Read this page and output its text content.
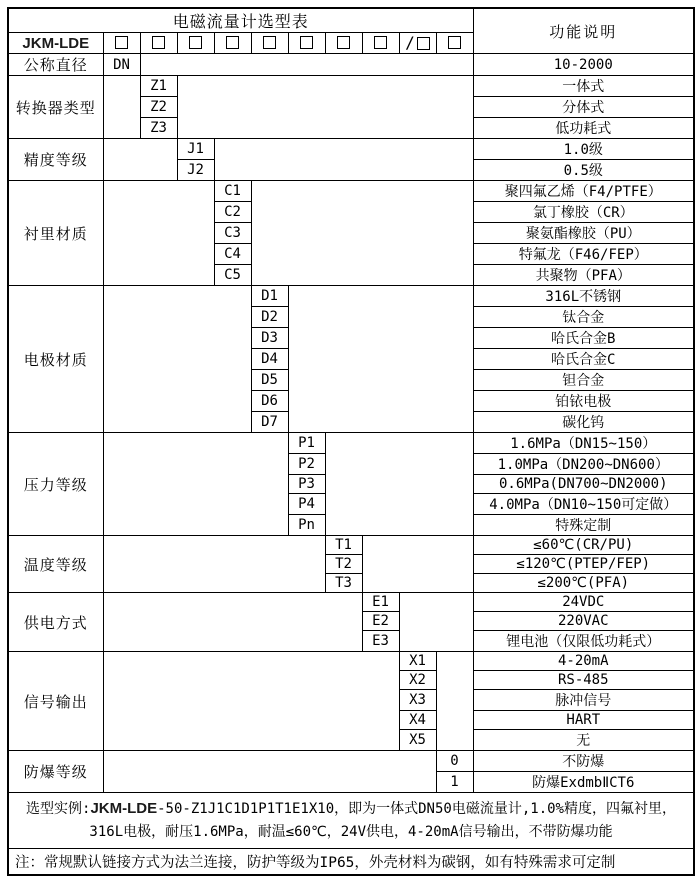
电磁流量计选型表											功能说明
JKM-LDE									/		
公称直径	DN										10-2000
转换器类型		Z1									一体式
		Z2									分体式
		Z3									低功耗式
精度等级			J1								1.0级
			J2								0.5级
衬里材质				C1							聚四氟乙烯（F4/PTFE）
				C2							氯丁橡胶（CR）
				C3							聚氨酯橡胶（PU）
				C4							特氟龙（F46/FEP）
				C5							共聚物（PFA）
电极材质					D1						316L不锈钢
					D2						钛合金
					D3						哈氏合金B
					D4						哈氏合金C
					D5						钽合金
					D6						铂铱电极
					D7						碳化钨
压力等级						P1					1.6MPa（DN15~150）
						P2					1.0MPa（DN200~DN600）
						P3					0.6MPa(DN700~DN2000)
						P4					4.0MPa（DN10~150可定做）
						Pn					特殊定制
温度等级							T1				≤60℃(CR/PU)
							T2				≤120℃(PTEP/FEP)
							T3				≤200℃(PFA)
供电方式								E1			24VDC
								E2			220VAC
								E3			锂电池（仅限低功耗式）
信号输出									X1		4-20mA
									X2		RS-485
									X3		脉冲信号
									X4		HART
									X5		无
防爆等级										0	不防爆
										1	防爆ExdmbⅡCT6
选型实例:JKM-LDE-50-Z1J1C1D1P1T1E1X10，即为一体式DN50电磁流量计,1.0%精度，四氟衬里，316L电极，耐压1.6MPa，耐温≤60℃，24V供电，4-20mA信号输出，不带防爆功能											
注：常规默认链接方式为法兰连接，防护等级为IP65，外壳材料为碳钢，如有特殊需求可定制											
